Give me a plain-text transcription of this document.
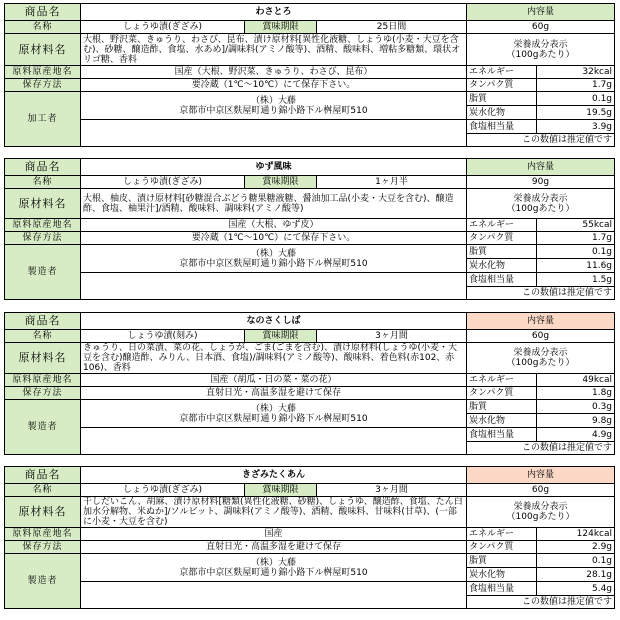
商品名	わさとろ			内容量	
名称	しょうゆ漬(ぎざみ)	賞味期限	25日間	60g	
原材料名	大根、野沢菜、きゅうり、わさび、昆布、漬け原材料[異性化液糖、しょうゆ(小麦・大豆を含む)、砂糖、醸造酢、食塩、水あめ]/調味料(アミノ酸等)、酒精、酸味料、増粘多糖類、環状オリゴ糖、香料			栄養成分表示
（100gあたり）	
原料原産地名	国産（大根、野沢菜、きゅうり、わさび、昆布）			エネルギー	32kcal
保存方法	要冷蔵（1℃～10℃）にて保存下さい。			タンパク質	1.7g
加工者	（株）大藤
京都市中京区麩屋町通り錦小路下ル桝屋町510			脂質	0.1g
				炭水化物	19.5g
				食塩相当量	3.9g
				この数値は推定値です	
商品名	ゆず風味			内容量	
名称	しょうゆ漬(ぎざみ)	賞味期限	1ヶ月半	90g	
原材料名	大根、柚皮、漬け原材料[砂糖混合ぶどう糖果糖液糖、醤油加工品(小麦・大豆を含む)、醸造酢、食塩、柚果汁]/酒精、酸味料、調味料(アミノ酸等)			栄養成分表示
（100gあたり）	
原料原産地名	国産（大根、ゆず皮）			エネルギー	55kcal
保存方法	要冷蔵（1℃～10℃）にて保存下さい。			タンパク質	1.7g
製造者	（株）大藤
京都市中京区麩屋町通り錦小路下ル桝屋町510			脂質	0.1g
				炭水化物	11.6g
				食塩相当量	1.5g
				この数値は推定値です	
商品名	なのさくしば			内容量	
名称	しょうゆ漬(刻み)	賞味期限	3ヶ月間	60g	
原材料名	きゅうり、日の菜漬、菜の花、しょうが、ごま(ごまを含む)、漬け原材料(しょうゆ(小麦・大豆を含む)醸造酢、みりん、日本酒、食塩)/調味料(アミノ酸等)、酸味料、着色料(赤102、赤106)、香料			栄養成分表示
（100gあたり）	
原料原産地名	国産（胡瓜・日の菜・菜の花）			エネルギー	49kcal
保存方法	直射日光・高温多湿を避けて保存			タンパク質	1.8g
製造者	（株）大藤
京都市中京区麩屋町通り錦小路下ル桝屋町510			脂質	0.3g
				炭水化物	9.8g
				食塩相当量	4.9g
				この数値は推定値です	
商品名	きざみたくあん			内容量	
名称	しょうゆ漬(ぎざみ)	賞味期限	3ヶ月間	60g	
原材料名	干しだいこん、胡麻、漬け原材料[糖類(異性化液糖、砂糖)、しょうゆ、醸造酢、食塩、たん白加水分解物、米ぬか]/ソルビット、調味料(アミノ酸等)、酒精、酸味料、甘味料(甘草)、(一部に小麦・大豆を含む)			栄養成分表示
（100gあたり）	
原料原産地名	国産			エネルギー	124kcal
保存方法	直射日光・高温多湿を避けて保存			タンパク質	2.9g
製造者	（株）大藤
京都市中京区麩屋町通り錦小路下ル桝屋町510			脂質	0.1g
				炭水化物	28.1g
				食塩相当量	5.4g
				この数値は推定値です	
